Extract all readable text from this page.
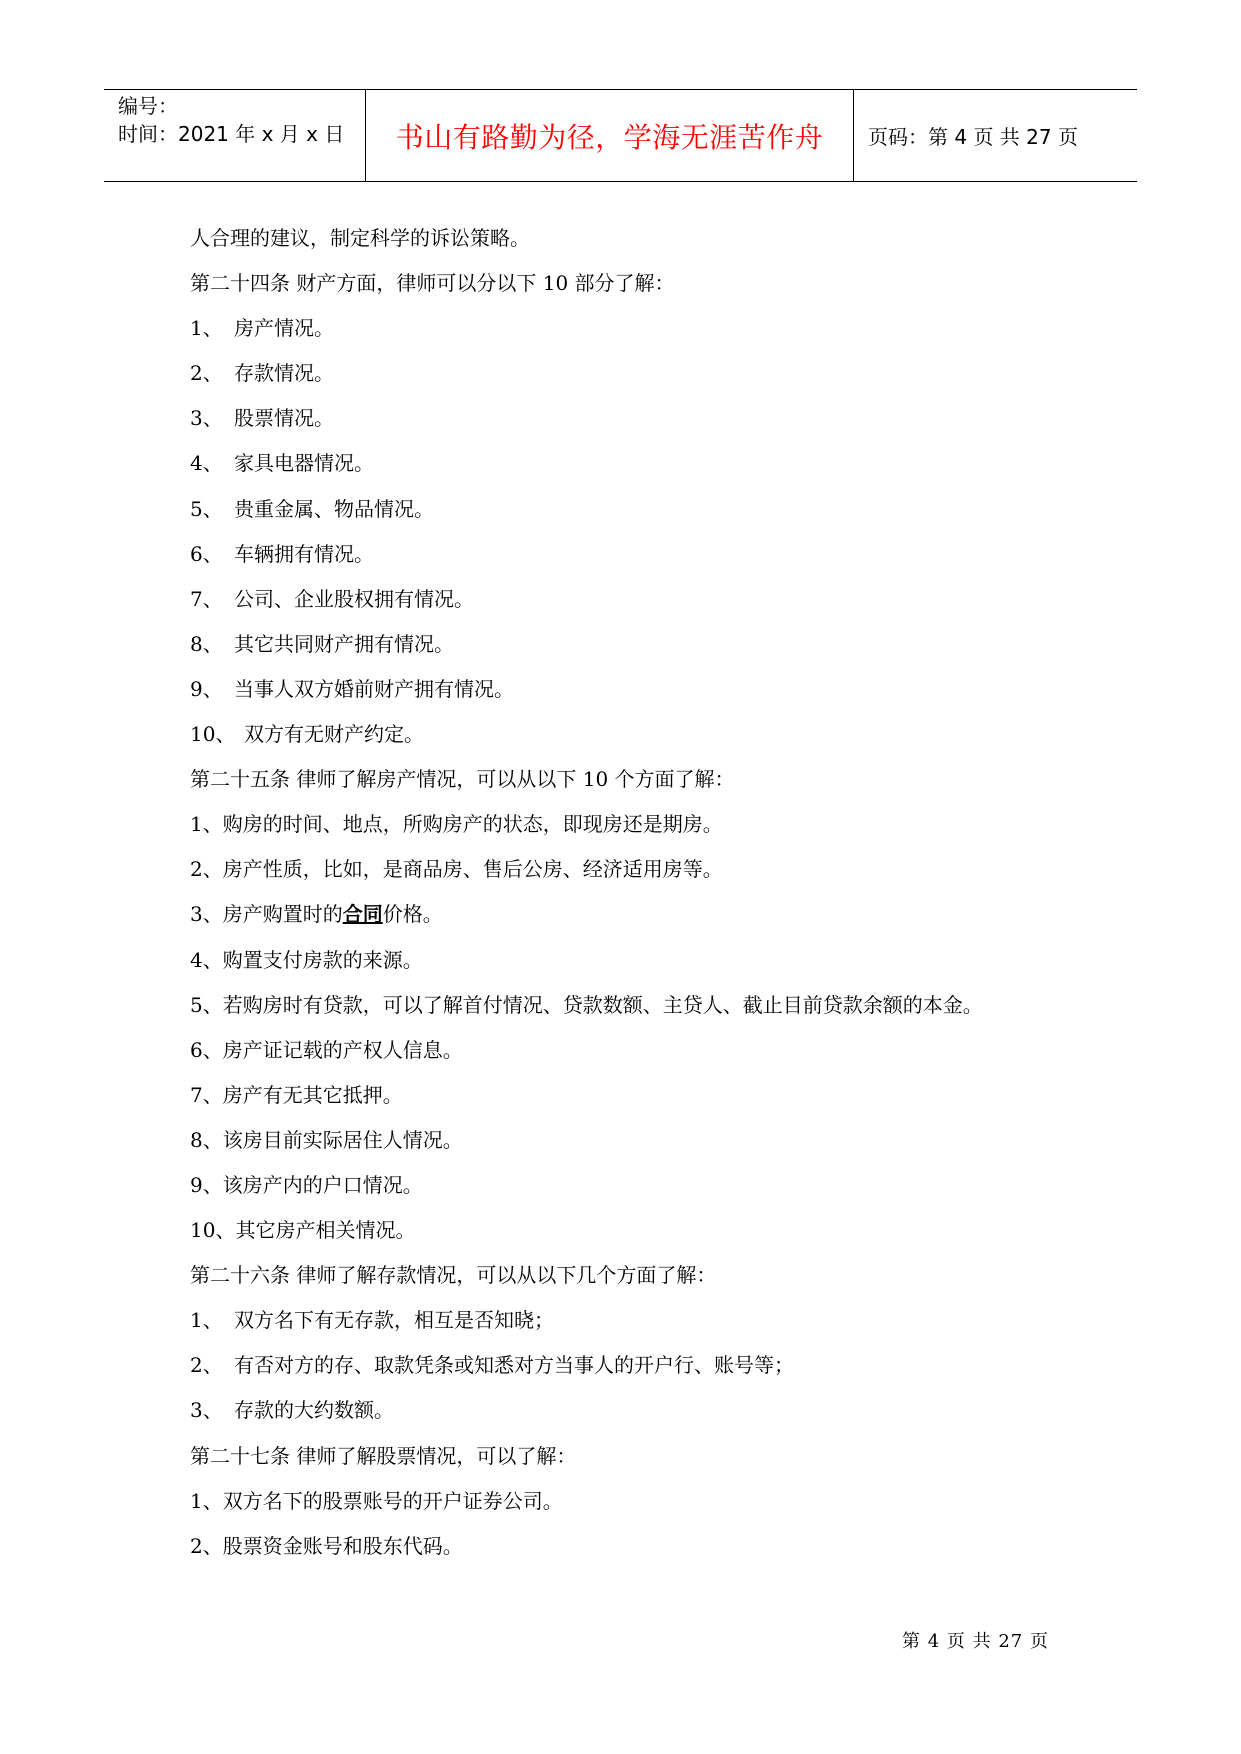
编号：
时间：2021 年 x 月 x 日	书山有路勤为径，学海无涯苦作舟	页码：第 4 页 共 27 页
人合理的建议，制定科学的诉讼策略。
第二十四条 财产方面，律师可以分以下 10 部分了解：
1、 房产情况。
2、 存款情况。
3、 股票情况。
4、 家具电器情况。
5、 贵重金属、物品情况。
6、 车辆拥有情况。
7、 公司、企业股权拥有情况。
8、 其它共同财产拥有情况。
9、 当事人双方婚前财产拥有情况。
10、 双方有无财产约定。
第二十五条 律师了解房产情况，可以从以下 10 个方面了解：
1、购房的时间、地点，所购房产的状态，即现房还是期房。
2、房产性质，比如，是商品房、售后公房、经济适用房等。
3、房产购置时的合同价格。
4、购置支付房款的来源。
5、若购房时有贷款，可以了解首付情况、贷款数额、主贷人、截止目前贷款余额的本金。
6、房产证记载的产权人信息。
7、房产有无其它抵押。
8、该房目前实际居住人情况。
9、该房产内的户口情况。
10、其它房产相关情况。
第二十六条 律师了解存款情况，可以从以下几个方面了解：
1、 双方名下有无存款，相互是否知晓；
2、 有否对方的存、取款凭条或知悉对方当事人的开户行、账号等；
3、 存款的大约数额。
第二十七条 律师了解股票情况，可以了解：
1、双方名下的股票账号的开户证券公司。
2、股票资金账号和股东代码。
第 4 页 共 27 页
